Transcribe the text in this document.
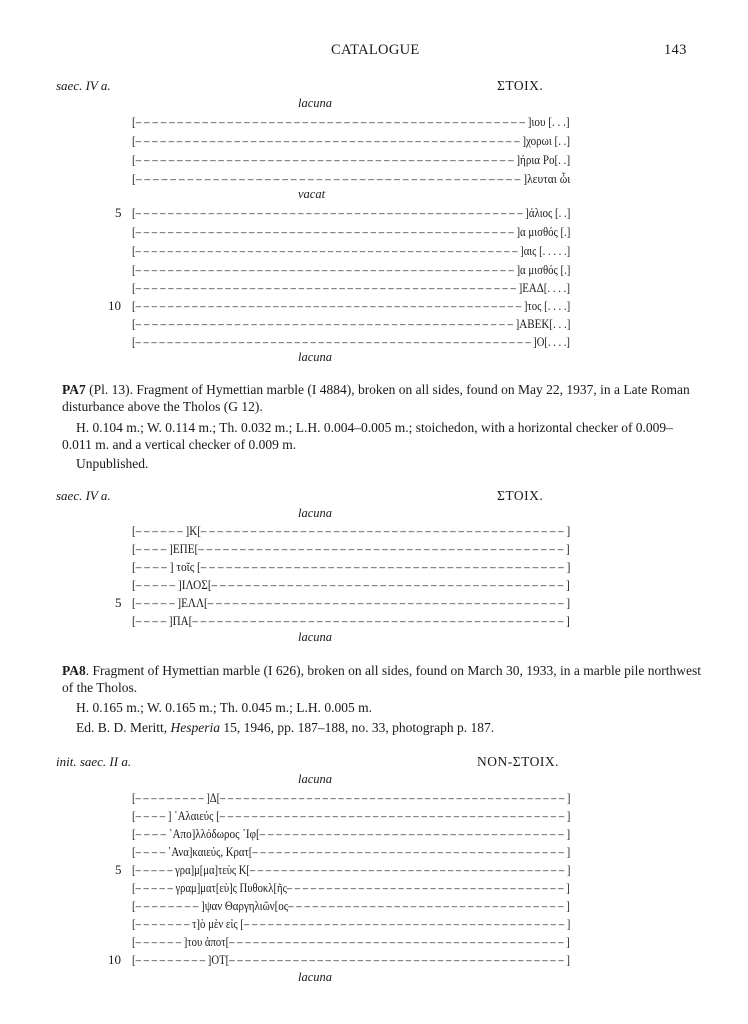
CATALOGUE	143
saec. IV a.	ΣΤΟΙΧ.
lacuna
[– – – – – – – – – – – – – – – – – – – – – – – – – – – – – – – – – – – – – – – – – – – – – – – ]ιου [. . .]
[– – – – – – – – – – – – – – – – – – – – – – – – – – – – – – – – – – – – – – – – – – – – – – – ]χορωι [. .]
[– – – – – – – – – – – – – – – – – – – – – – – – – – – – – – – – – – – – – – – – – – – – – – ]ήρια Ρο[. .]
[– – – – – – – – – – – – – – – – – – – – – – – – – – – – – – – – – – – – – – – – – – – – – ]λευται ὦι
vacat
5 [– – – – – – – – – – – – – – – – – – – – – – – – – – – – – – – – – – – – – – – – – – – – – – – – ]άλιος [. .]
[– – – – – – – – – – – – – – – – – – – – – – – – – – – – – – – – – – – – – – – – – – – – – – – ]α μισθός [.]
[– – – – – – – – – – – – – – – – – – – – – – – – – – – – – – – – – – – – – – – – – – – – – – – – ]αις [. . . . .]
[– – – – – – – – – – – – – – – – – – – – – – – – – – – – – – – – – – – – – – – – – – – – – – – ]α μισθός [.]
[– – – – – – – – – – – – – – – – – – – – – – – – – – – – – – – – – – – – – – – – – – – – – – – ]ΕΑΔ[. . . .]
10 [– – – – – – – – – – – – – – – – – – – – – – – – – – – – – – – – – – – – – – – – – – – – – – – – ]τος [. . . .]
[– – – – – – – – – – – – – – – – – – – – – – – – – – – – – – – – – – – – – – – – – – – – – – ]ΑΒΕΚ[. . .]
[– – – – – – – – – – – – – – – – – – – – – – – – – – – – – – – – – – – – – – – – – – – – – – – – – – ]Ο[. . . .]
lacuna
PA7 (Pl. 13). Fragment of Hymettian marble (I 4884), broken on all sides, found on May 22, 1937, in a Late Roman disturbance above the Tholos (G 12).
H. 0.104 m.; W. 0.114 m.; Th. 0.032 m.; L.H. 0.004–0.005 m.; stoichedon, with a horizontal checker of 0.009–0.011 m. and a vertical checker of 0.009 m.
Unpublished.
saec. IV a.	ΣΤΟΙΧ.
lacuna
[– – – – – – ]Κ[– – – – – – – – – – – – – – – – – – – – – – – – – – – – – – – – – – – – – – – – – – – – ]
[– – – – ]ΕΠΕ[– – – – – – – – – – – – – – – – – – – – – – – – – – – – – – – – – – – – – – – – – – – – ]
[– – – – ] τοῖς [– – – – – – – – – – – – – – – – – – – – – – – – – – – – – – – – – – – – – – – – – – – ]
[– – – – – ]ΙΛΟΣ[– – – – – – – – – – – – – – – – – – – – – – – – – – – – – – – – – – – – – – – – – – ]
5 [– – – – – ]ΕΛΛ[– – – – – – – – – – – – – – – – – – – – – – – – – – – – – – – – – – – – – – – – – – – ]
[– – – – ]ΠΑ[– – – – – – – – – – – – – – – – – – – – – – – – – – – – – – – – – – – – – – – – – – – – – ]
lacuna
PA8. Fragment of Hymettian marble (I 626), broken on all sides, found on March 30, 1933, in a marble pile northwest of the Tholos.
H. 0.165 m.; W. 0.165 m.; Th. 0.045 m.; L.H. 0.005 m.
Ed. B. D. Meritt, Hesperia 15, 1946, pp. 187–188, no. 33, photograph p. 187.
init. saec. II a.	ΝΟΝ-ΣΤΟΙΧ.
lacuna
[– – – – – – – – – ]Δ[– – – – – – – – – – – – – – – – – – – – – – – – – – – – – – – – – – – – – – – – – – – – ]
[– – – – ] ῾Αλαιεύς [– – – – – – – – – – – – – – – – – – – – – – – – – – – – – – – – – – – – – – – – – – – ]
[– – – – ᾿Απο]λλόδωρος ᾿Ιφ[– – – – – – – – – – – – – – – – – – – – – – – – – – – – – – – – – – – – – ]
[– – – – ᾿Ανα]καιεύς, Κρατ[– – – – – – – – – – – – – – – – – – – – – – – – – – – – – – – – – – – – – – – ]
5 [– – – – – γρα]μ[μα]τεὺς Κ[– – – – – – – – – – – – – – – – – – – – – – – – – – – – – – – – – – – – – – – – ]
[– – – – – γραμ]ματ[εὺ]ς Πυθοκλ[ῆς– – – – – – – – – – – – – – – – – – – – – – – – – – – – – – – – – – – ]
[– – – – – – – – ]ψαν Θαργηλιῶν[ος– – – – – – – – – – – – – – – – – – – – – – – – – – – – – – – – – – ]
[– – – – – – – τ]ὸ μὲν εἰς [– – – – – – – – – – – – – – – – – – – – – – – – – – – – – – – – – – – – – – – – ]
[– – – – – – ]του ἀποτ[– – – – – – – – – – – – – – – – – – – – – – – – – – – – – – – – – – – – – – – – – – ]
10 [– – – – – – – – – ]ΟΤ[– – – – – – – – – – – – – – – – – – – – – – – – – – – – – – – – – – – – – – – – – – ]
lacuna
